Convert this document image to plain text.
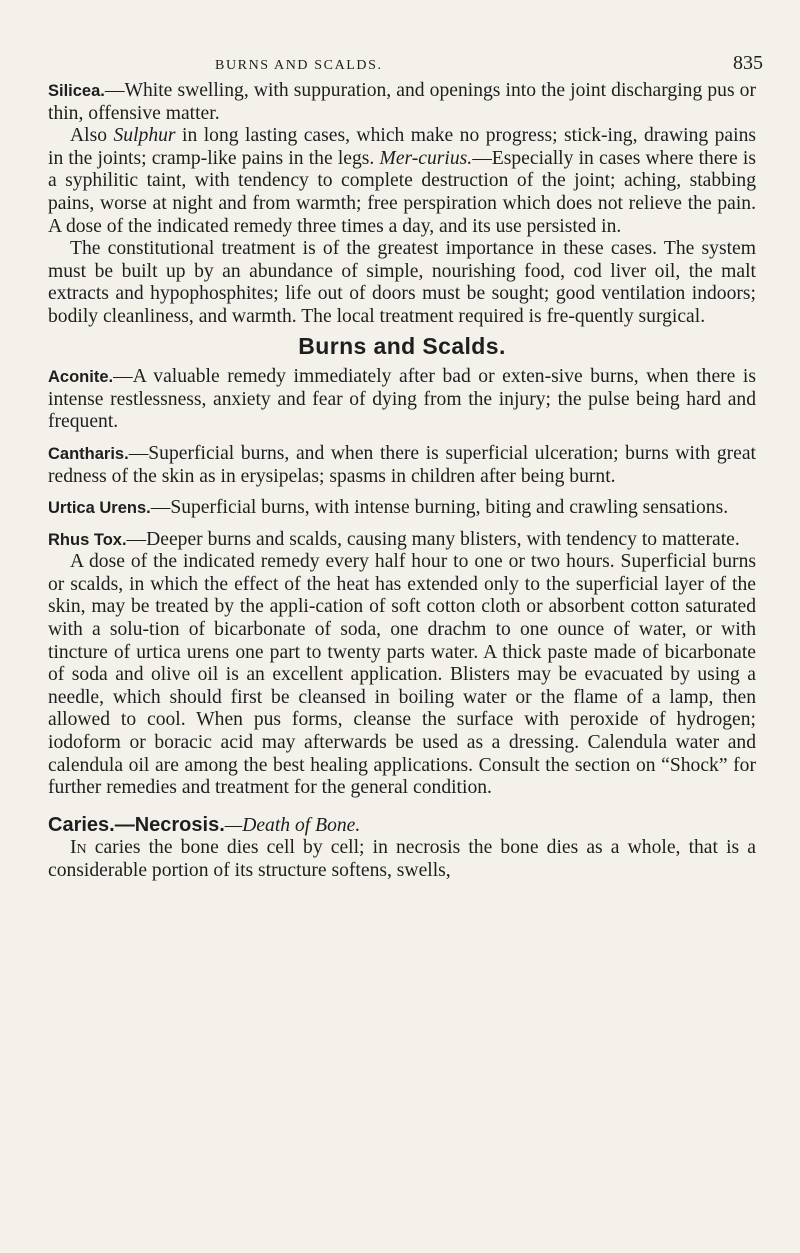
BURNS AND SCALDS.	835

Silicea.—White swelling, with suppuration, and openings into the joint discharging pus or thin, offensive matter.

Also Sulphur in long lasting cases, which make no progress; stick-ing, drawing pains in the joints; cramp-like pains in the legs. Mer-curius.—Especially in cases where there is a syphilitic taint, with tendency to complete destruction of the joint; aching, stabbing pains, worse at night and from warmth; free perspiration which does not relieve the pain. A dose of the indicated remedy three times a day, and its use persisted in.

The constitutional treatment is of the greatest importance in these cases. The system must be built up by an abundance of simple, nourishing food, cod liver oil, the malt extracts and hypophosphites; life out of doors must be sought; good ventilation indoors; bodily cleanliness, and warmth. The local treatment required is fre-quently surgical.

Burns and Scalds.

Aconite.—A valuable remedy immediately after bad or exten-sive burns, when there is intense restlessness, anxiety and fear of dying from the injury; the pulse being hard and frequent.

Cantharis.—Superficial burns, and when there is superficial ulceration; burns with great redness of the skin as in erysipelas; spasms in children after being burnt.

Urtica Urens.—Superficial burns, with intense burning, biting and crawling sensations.

Rhus Tox.—Deeper burns and scalds, causing many blisters, with tendency to matterate.

A dose of the indicated remedy every half hour to one or two hours. Superficial burns or scalds, in which the effect of the heat has extended only to the superficial layer of the skin, may be treated by the appli-cation of soft cotton cloth or absorbent cotton saturated with a solu-tion of bicarbonate of soda, one drachm to one ounce of water, or with tincture of urtica urens one part to twenty parts water. A thick paste made of bicarbonate of soda and olive oil is an excellent application. Blisters may be evacuated by using a needle, which should first be cleansed in boiling water or the flame of a lamp, then allowed to cool. When pus forms, cleanse the surface with peroxide of hydrogen; iodoform or boracic acid may afterwards be used as a dressing. Calendula water and calendula oil are among the best healing applications. Consult the section on “Shock” for further remedies and treatment for the general condition.

Caries.—Necrosis.—Death of Bone.

In caries the bone dies cell by cell; in necrosis the bone dies as a whole, that is a considerable portion of its structure softens, swells,
